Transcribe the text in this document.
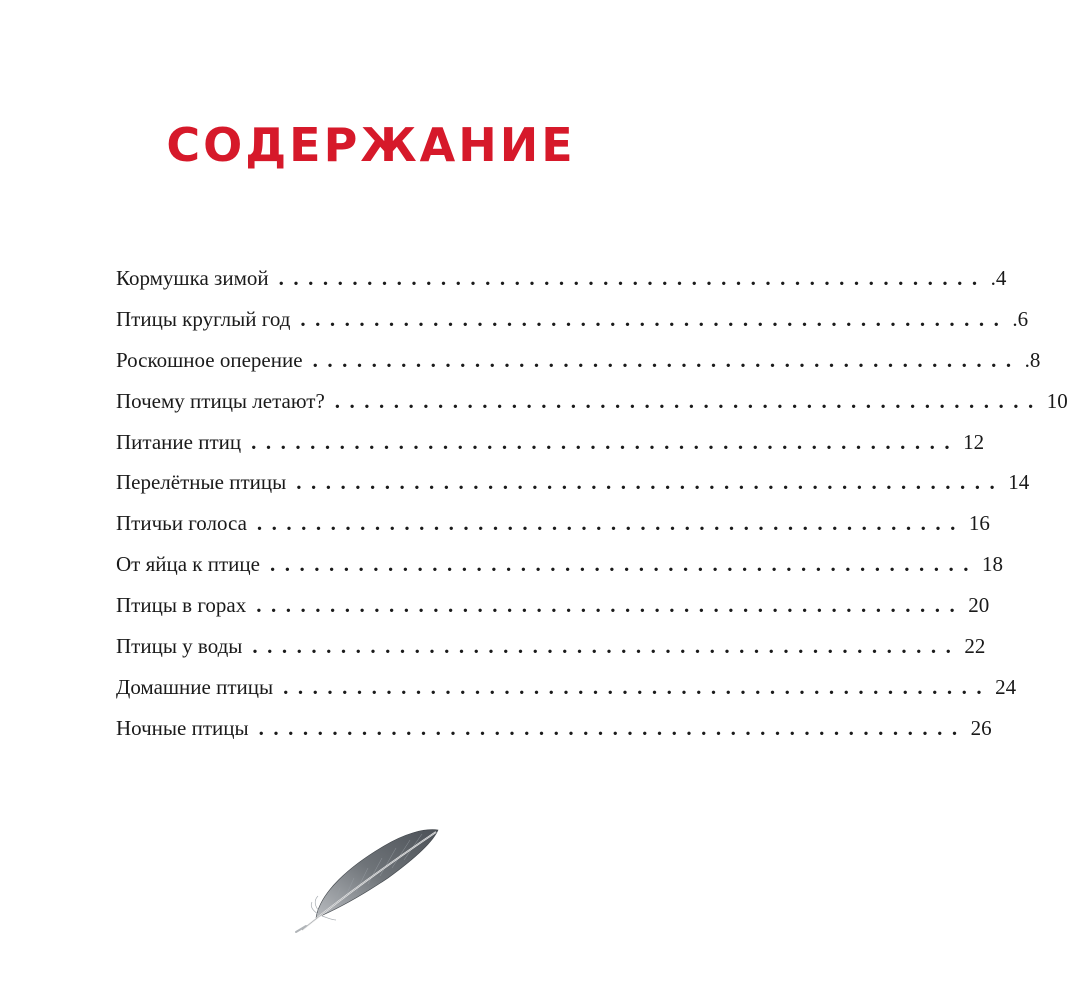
СОДЕРЖАНИЕ
Кормушка зимой ................................................ .4
Птицы круглый год ................................................ .6
Роскошное оперение ................................................ .8
Почему птицы летают? ................................................ 10
Питание птиц ................................................ 12
Перелётные птицы ................................................ 14
Птичьи голоса ................................................ 16
От яйца к птице ................................................ 18
Птицы в горах ................................................ 20
Птицы у воды ................................................ 22
Домашние птицы ................................................ 24
Ночные птицы ................................................ 26
